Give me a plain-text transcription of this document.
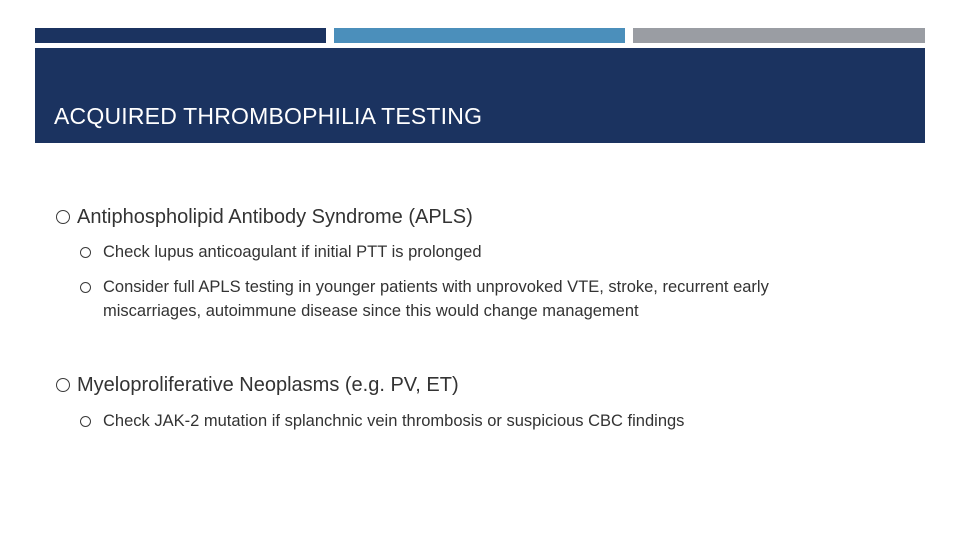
ACQUIRED THROMBOPHILIA TESTING
Antiphospholipid Antibody Syndrome (APLS)
Check lupus anticoagulant if initial PTT is prolonged
Consider full APLS testing in younger patients with unprovoked VTE, stroke, recurrent early miscarriages, autoimmune disease since this would change management
Myeloproliferative Neoplasms (e.g. PV, ET)
Check JAK-2 mutation if splanchnic vein thrombosis or suspicious CBC findings
